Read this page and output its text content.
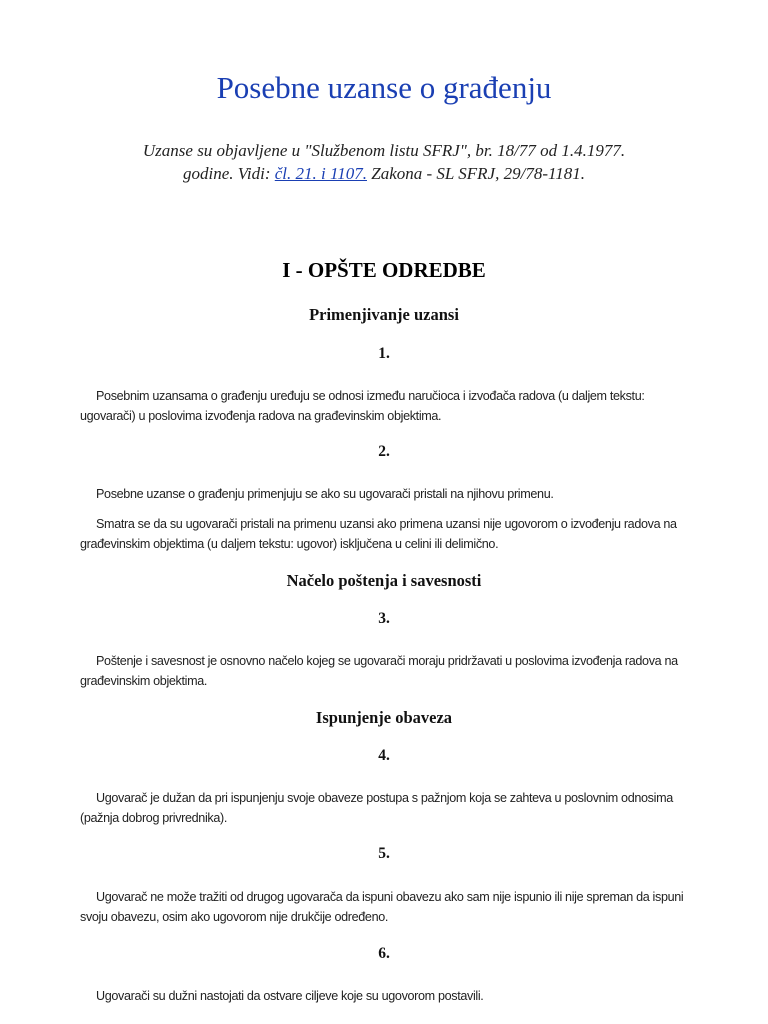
Posebne uzanse o građenju
Uzanse su objavljene u "Službenom listu SFRJ", br. 18/77 od 1.4.1977. godine. Vidi: čl. 21. i 1107. Zakona - SL SFRJ, 29/78-1181.
I - OPŠTE ODREDBE
Primenjivanje uzansi
1.

Posebnim uzansama o građenju uređuju se odnosi između naručioca i izvođača radova (u daljem tekstu: ugovarači) u poslovima izvođenja radova na građevinskim objektima.

2.

Posebne uzanse o građenju primenjuju se ako su ugovarači pristali na njihovu primenu.

Smatra se da su ugovarači pristali na primenu uzansi ako primena uzansi nije ugovorom o izvođenju radova na građevinskim objektima (u daljem tekstu: ugovor) isključena u celini ili delimično.

Načelo poštenja i savesnosti
3.

Poštenje i savesnost je osnovno načelo kojeg se ugovarači moraju pridržavati u poslovima izvođenja radova na građevinskim objektima.

Ispunjenje obaveza
4.

Ugovarač je dužan da pri ispunjenju svoje obaveze postupa s pažnjom koja se zahteva u poslovnim odnosima (pažnja dobrog privrednika).

5.

Ugovarač ne može tražiti od drugog ugovarača da ispuni obavezu ako sam nije ispunio ili nije spreman da ispuni svoju obavezu, osim ako ugovorom nije drukčije određeno.

6.

Ugovarači su dužni nastojati da ostvare ciljeve koje su ugovorom postavili.
